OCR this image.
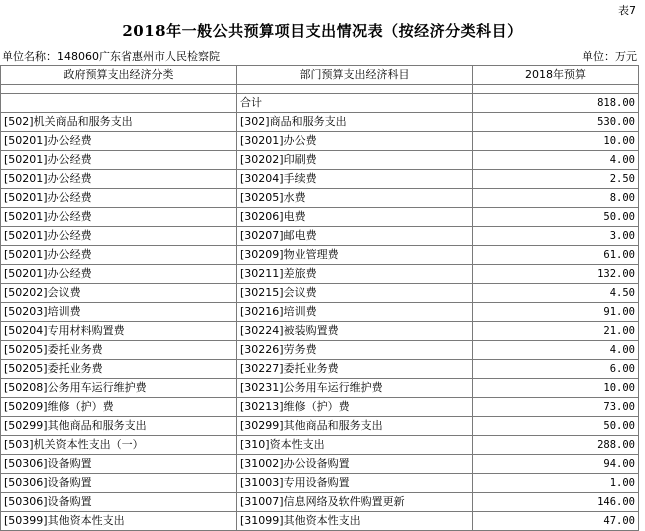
表7
2018年一般公共预算项目支出情况表（按经济分类科目）
单位名称：148060广东省惠州市人民检察院	单位：万元
政府预算支出经济分类	部门预算支出经济科目	2018年预算

	合计	818.00
[502]机关商品和服务支出	[302]商品和服务支出	530.00
[50201]办公经费	[30201]办公费	10.00
[50201]办公经费	[30202]印刷费	4.00
[50201]办公经费	[30204]手续费	2.50
[50201]办公经费	[30205]水费	8.00
[50201]办公经费	[30206]电费	50.00
[50201]办公经费	[30207]邮电费	3.00
[50201]办公经费	[30209]物业管理费	61.00
[50201]办公经费	[30211]差旅费	132.00
[50202]会议费	[30215]会议费	4.50
[50203]培训费	[30216]培训费	91.00
[50204]专用材料购置费	[30224]被装购置费	21.00
[50205]委托业务费	[30226]劳务费	4.00
[50205]委托业务费	[30227]委托业务费	6.00
[50208]公务用车运行维护费	[30231]公务用车运行维护费	10.00
[50209]维修（护）费	[30213]维修（护）费	73.00
[50299]其他商品和服务支出	[30299]其他商品和服务支出	50.00
[503]机关资本性支出（一）	[310]资本性支出	288.00
[50306]设备购置	[31002]办公设备购置	94.00
[50306]设备购置	[31003]专用设备购置	1.00
[50306]设备购置	[31007]信息网络及软件购置更新	146.00
[50399]其他资本性支出	[31099]其他资本性支出	47.00
